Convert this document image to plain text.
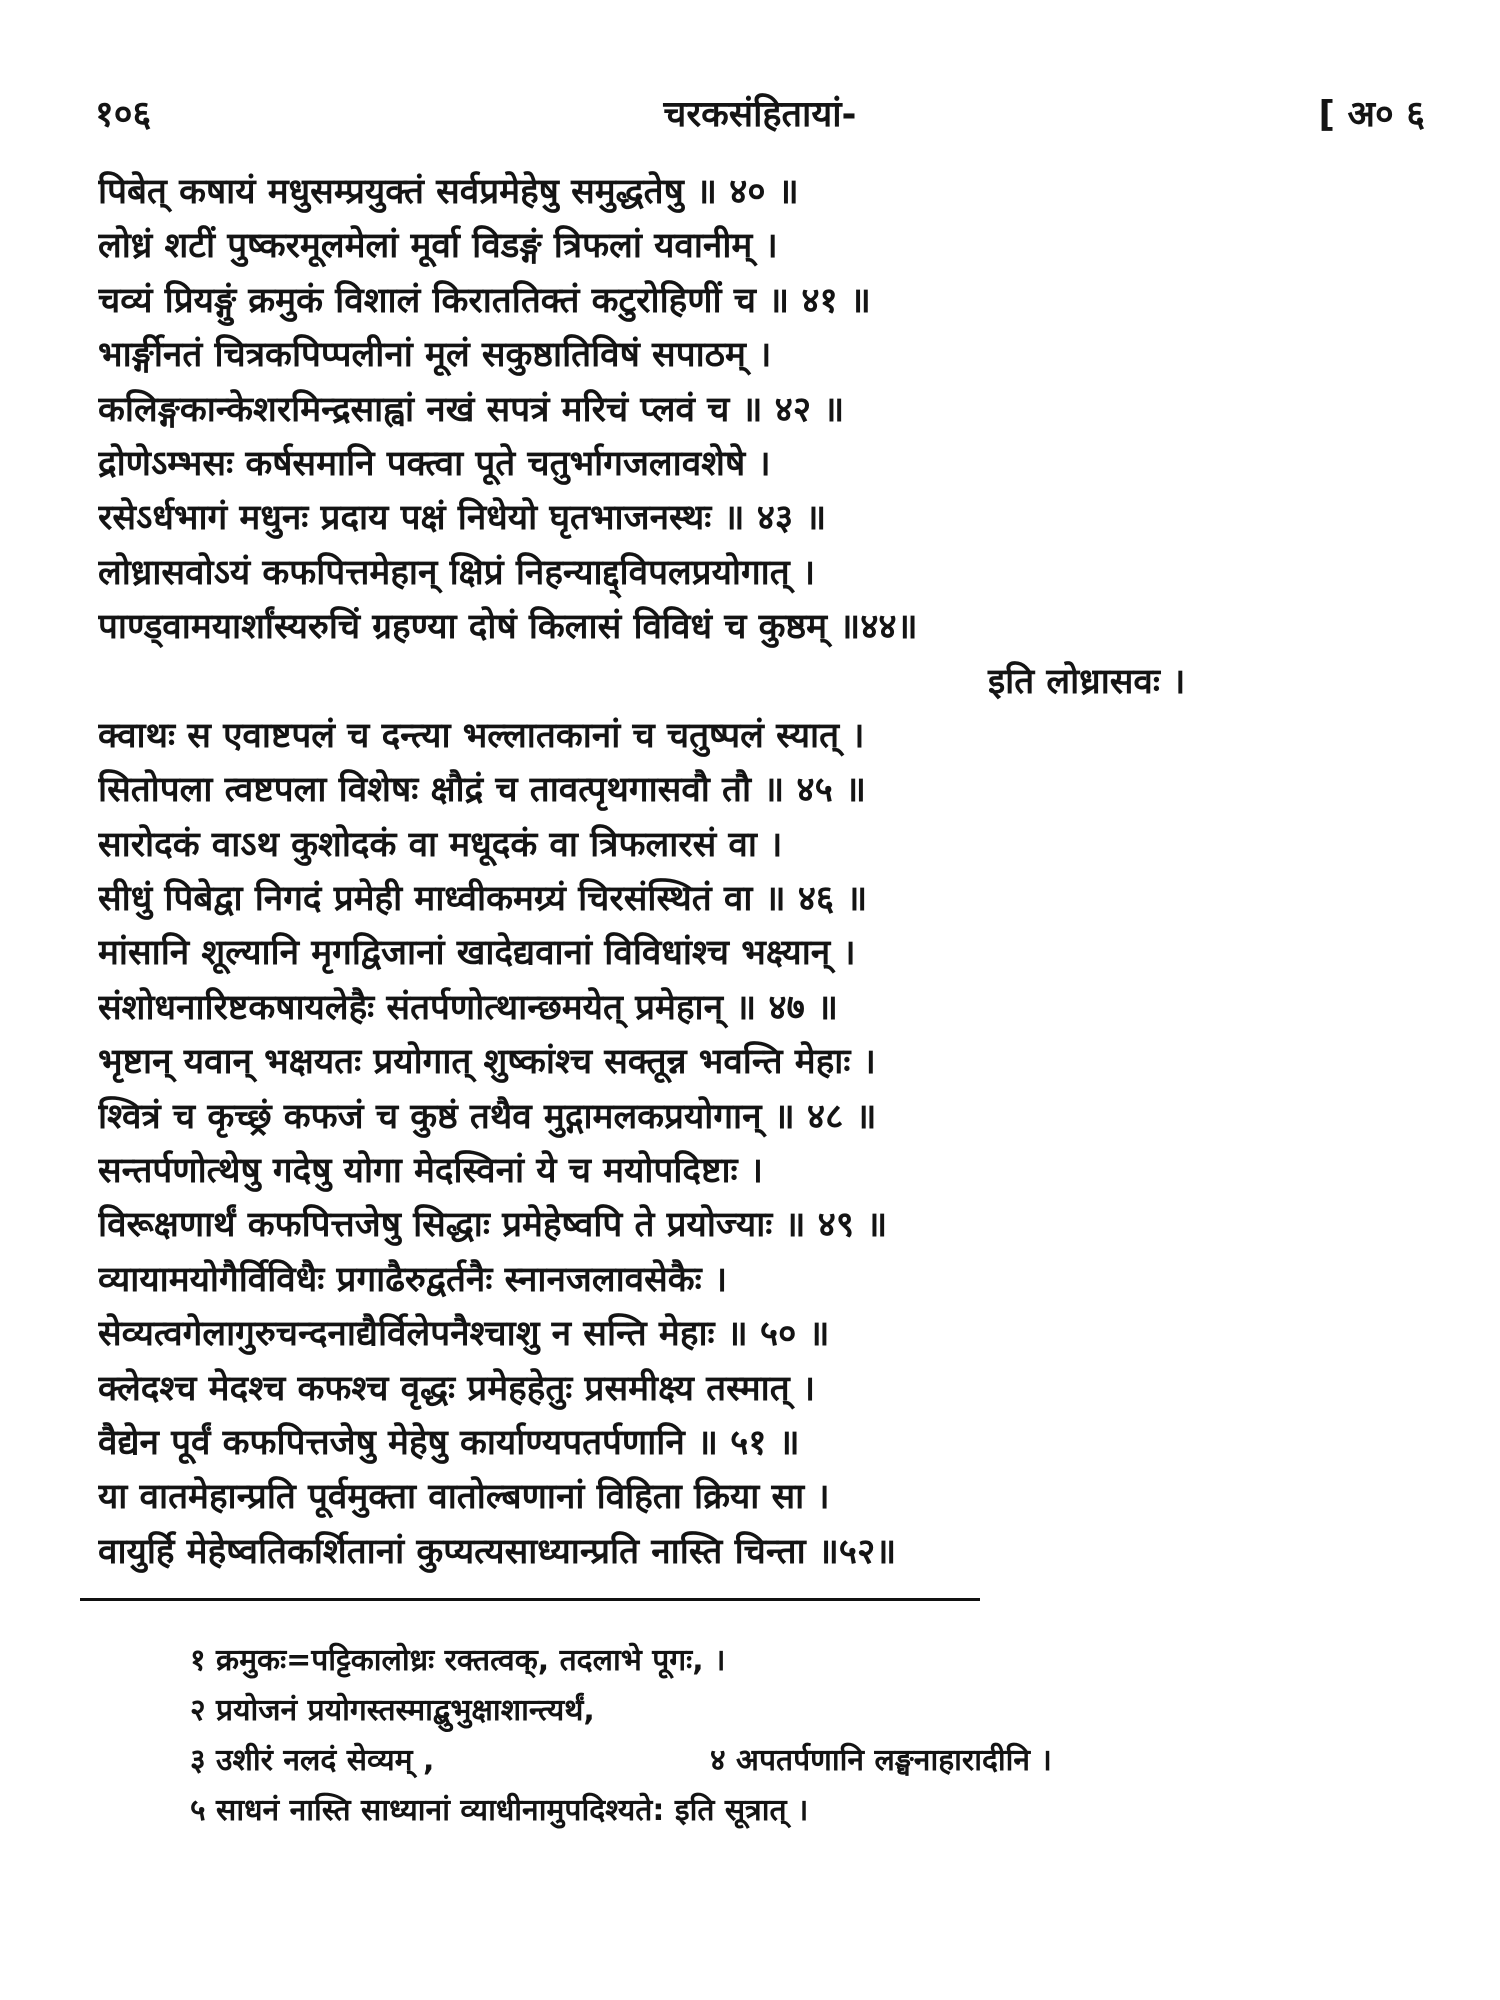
१०६	चरकसंहितायां-	[ अ० ६
पिबेत् कषायं मधुसम्प्रयुक्तं सर्वप्रमेहेषु समुद्धतेषु ॥ ४० ॥
लोध्रं शटीं पुष्करमूलमेलां मूर्वा विडङ्गं त्रिफलां यवानीम् ।
चव्यं प्रियङ्गुं क्रमुकं विशालं किराततिक्तं कटुरोहिणीं च ॥ ४१ ॥
भार्ङ्गीनतं चित्रकपिप्पलीनां मूलं सकुष्ठातिविषं सपाठम् ।
कलिङ्गकान्केशरमिन्द्रसाह्वां नखं सपत्रं मरिचं प्लवं च ॥ ४२ ॥
द्रोणेऽम्भसः कर्षसमानि पक्त्वा पूते चतुर्भागजलावशेषे ।
रसेऽर्धभागं मधुनः प्रदाय पक्षं निधेयो घृतभाजनस्थः ॥ ४३ ॥
लोध्रासवोऽयं कफपित्तमेहान् क्षिप्रं निहन्याद्द्विपलप्रयोगात् ।
पाण्ड्वामयार्शांस्यरुचिं ग्रहण्या दोषं किलासं विविधं च कुष्ठम् ॥४४॥
इति लोध्रासवः ।
क्वाथः स एवाष्टपलं च दन्त्या भल्लातकानां च चतुष्पलं स्यात् ।
सितोपला त्वष्टपला विशेषः क्षौद्रं च तावत्पृथगासवौ तौ ॥ ४५ ॥
सारोदकं वाऽथ कुशोदकं वा मधूदकं वा त्रिफलारसं वा ।
सीधुं पिबेद्वा निगदं प्रमेही माध्वीकमग्र्यं चिरसंस्थितं वा ॥ ४६ ॥
मांसानि शूल्यानि मृगद्विजानां खादेद्यवानां विविधांश्च भक्ष्यान् ।
संशोधनारिष्टकषायलेहैः संतर्पणोत्थान्छमयेत् प्रमेहान् ॥ ४७ ॥
भृष्टान् यवान् भक्षयतः प्रयोगात् शुष्कांश्च सक्तून्न भवन्ति मेहाः ।
श्वित्रं च कृच्छ्रं कफजं च कुष्ठं तथैव मुद्गामलकप्रयोगान् ॥ ४८ ॥
सन्तर्पणोत्थेषु गदेषु योगा मेदस्विनां ये च मयोपदिष्टाः ।
विरूक्षणार्थं कफपित्तजेषु सिद्धाः प्रमेहेष्वपि ते प्रयोज्याः ॥ ४९ ॥
व्यायामयोगैर्विविधैः प्रगाढैरुद्वर्तनैः स्नानजलावसेकैः ।
सेव्यत्वगेलागुरुचन्दनाद्यैर्विलेपनैश्चाशु न सन्ति मेहाः ॥ ५० ॥
क्लेदश्च मेदश्च कफश्च वृद्धः प्रमेहहेतुः प्रसमीक्ष्य तस्मात् ।
वैद्येन पूर्वं कफपित्तजेषु मेहेषु कार्याण्यपतर्पणानि ॥ ५१ ॥
या वातमेहान्प्रति पूर्वमुक्ता वातोल्बणानां विहिता क्रिया सा ।
वायुर्हि मेहेष्वतिकर्शितानां कुप्यत्यसाध्यान्प्रति नास्ति चिन्ता ॥५२॥
१ क्रमुकः=पट्टिकालोध्रः रक्तत्वक्, तदलाभे पूगः, ।
२ प्रयोजनं प्रयोगस्तस्माद्बुभुक्षाशान्त्यर्थं,
३ उशीरं नलदं सेव्यम् ,	४ अपतर्पणानि लङ्घनाहारादीनि ।
५ साधनं नास्ति साध्यानां व्याधीनामुपदिश्यते: इति सूत्रात् ।
